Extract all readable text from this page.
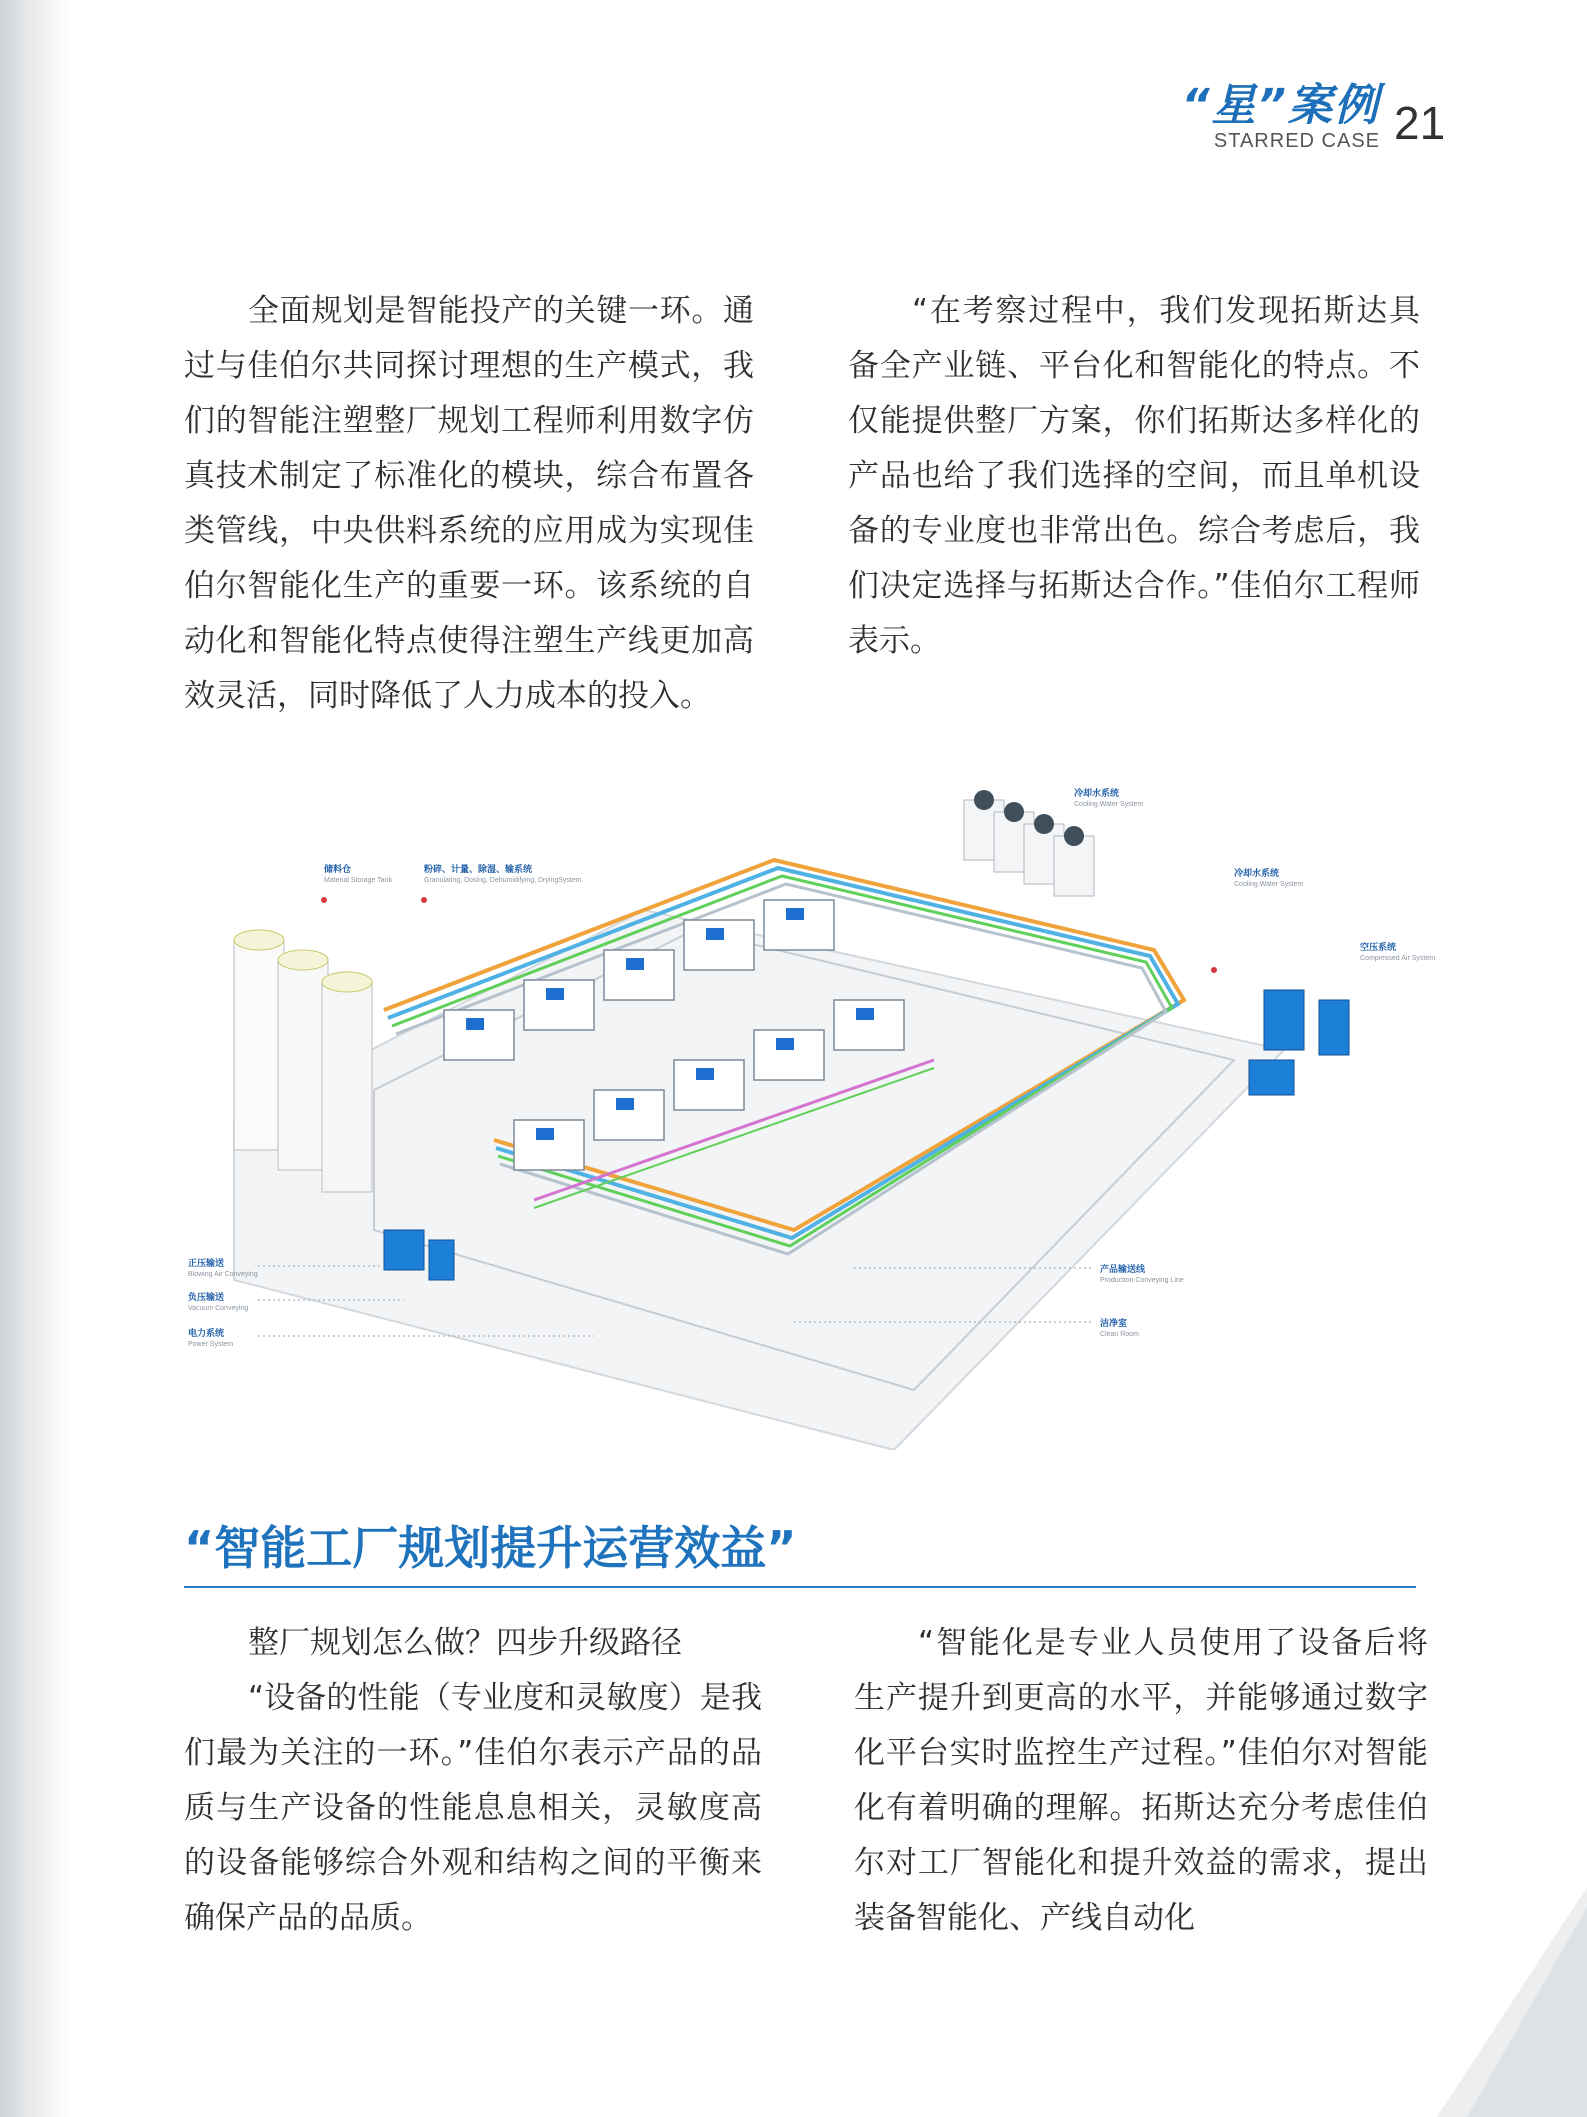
“星”案例
STARRED CASE 21

全面规划是智能投产的关键一环。通过与佳伯尔共同探讨理想的生产模式，我们的智能注塑整厂规划工程师利用数字仿真技术制定了标准化的模块，综合布置各类管线，中央供料系统的应用成为实现佳伯尔智能化生产的重要一环。该系统的自动化和智能化特点使得注塑生产线更加高效灵活，同时降低了人力成本的投入。

“在考察过程中，我们发现拓斯达具备全产业链、平台化和智能化的特点。不仅能提供整厂方案，你们拓斯达多样化的产品也给了我们选择的空间，而且单机设备的专业度也非常出色。综合考虑后，我们决定选择与拓斯达合作。”佳伯尔工程师表示。

储料仓
Material Storage Tank
粉碎、计量、除湿、输系统
Granulating, Dosing, Dehumidifying, DryingSystem
冷却水系统
Cooling Water System
冷却水系统
Cooling Water System
空压系统
Compressed Air System
正压输送
Blowing Air Conveying
负压输送
Vacuum Conveying
电力系统
Power System
产品输送线
Production Conveying Line
洁净室
Clean Room
“智能工厂规划提升运营效益”

整厂规划怎么做？四步升级路径

“设备的性能（专业度和灵敏度）是我们最为关注的一环。”佳伯尔表示产品的品质与生产设备的性能息息相关，灵敏度高的设备能够综合外观和结构之间的平衡来确保产品的品质。

“智能化是专业人员使用了设备后将生产提升到更高的水平，并能够通过数字化平台实时监控生产过程。”佳伯尔对智能化有着明确的理解。拓斯达充分考虑佳伯尔对工厂智能化和提升效益的需求，提出装备智能化、产线自动化
